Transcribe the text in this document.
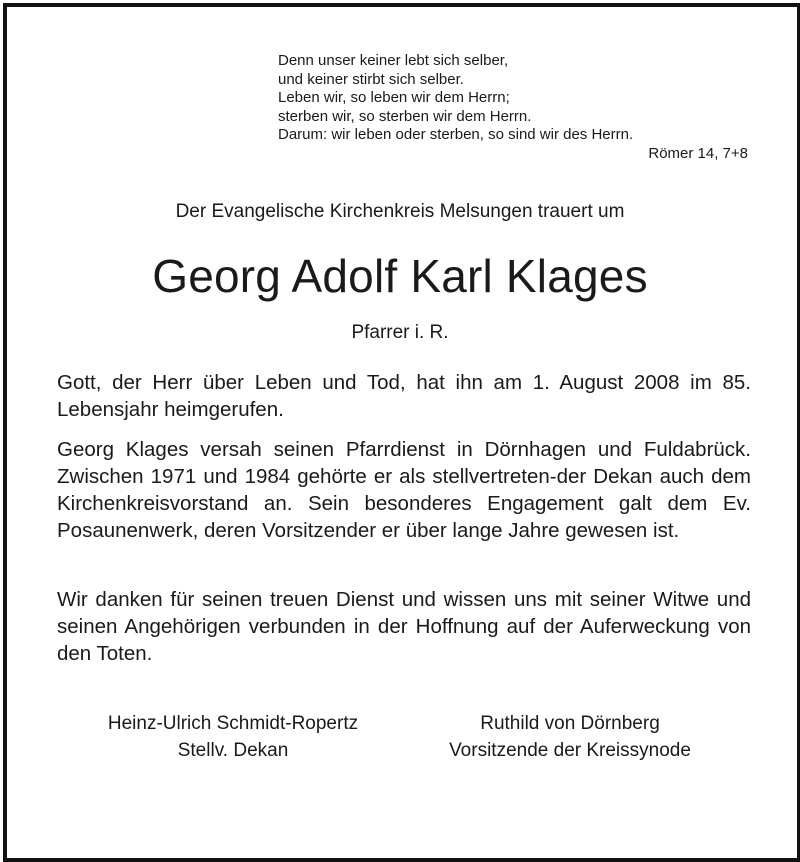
Denn unser keiner lebt sich selber,
und keiner stirbt sich selber.
Leben wir, so leben wir dem Herrn;
sterben wir, so sterben wir dem Herrn.
Darum: wir leben oder sterben, so sind wir des Herrn.
Römer 14, 7+8
Der Evangelische Kirchenkreis Melsungen trauert um
Georg Adolf Karl Klages
Pfarrer i. R.
Gott, der Herr über Leben und Tod, hat ihn am 1. August 2008 im 85. Lebensjahr heimgerufen.
Georg Klages versah seinen Pfarrdienst in Dörnhagen und Fuldabrück. Zwischen 1971 und 1984 gehörte er als stellvertreten-der Dekan auch dem Kirchenkreisvorstand an. Sein besonderes Engagement galt dem Ev. Posaunenwerk, deren Vorsitzender er über lange Jahre gewesen ist.
Wir danken für seinen treuen Dienst und wissen uns mit seiner Witwe und seinen Angehörigen verbunden in der Hoffnung auf der Auferweckung von den Toten.
Heinz-Ulrich Schmidt-Ropertz
Stellv. Dekan
Ruthild von Dörnberg
Vorsitzende der Kreissynode
